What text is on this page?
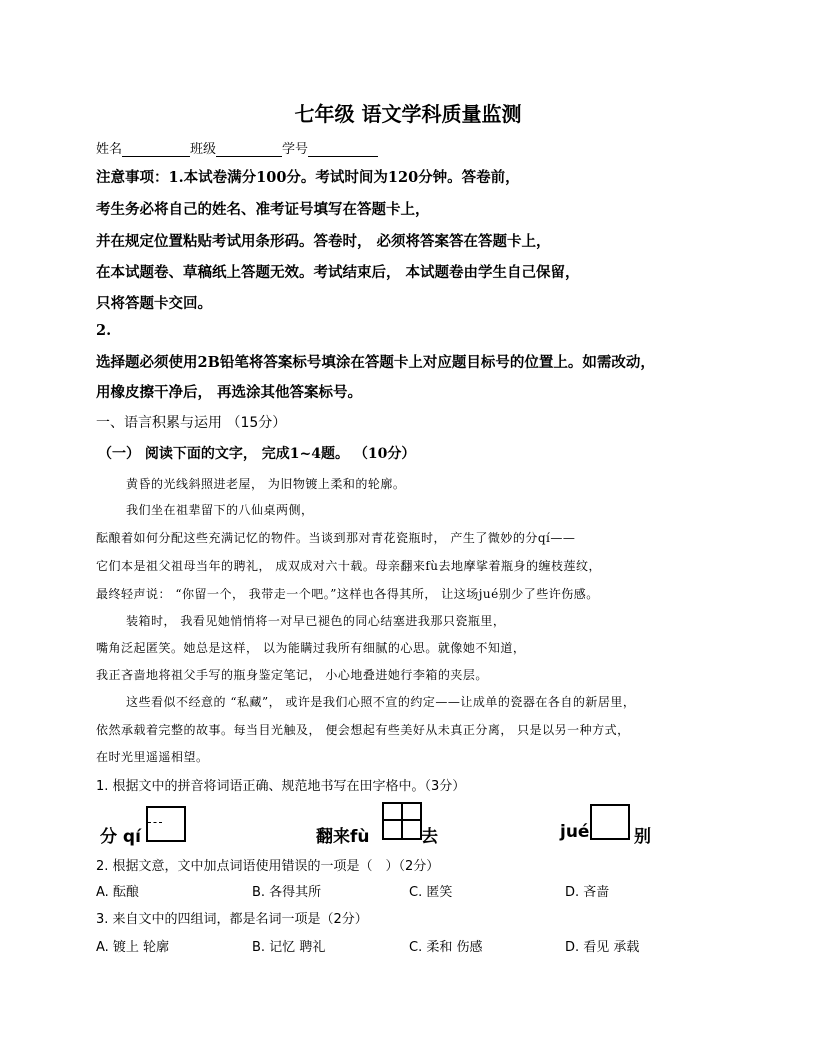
七年级 语文学科质量监测
姓名	班级	学号
注意事项：1.本试卷满分100分。考试时间为120分钟。答卷前，
考生务必将自己的姓名、准考证号填写在答题卡上，
并在规定位置粘贴考试用条形码。答卷时， 必须将答案答在答题卡上，
在本试题卷、草稿纸上答题无效。考试结束后， 本试题卷由学生自己保留，
只将答题卡交回。
2.
选择题必须使用2B铅笔将答案标号填涂在答题卡上对应题目标号的位置上。如需改动，
用橡皮擦干净后， 再选涂其他答案标号。
一、语言积累与运用 （15分）
（一） 阅读下面的文字， 完成1~4题。 （10分）
黄昏的光线斜照进老屋， 为旧物镀上柔和的轮廓。
我们坐在祖辈留下的八仙桌两侧，
酝酿着如何分配这些充满记忆的物件。当谈到那对青花瓷瓶时， 产生了微妙的分qí——
它们本是祖父祖母当年的聘礼， 成双成对六十载。母亲翻来fù去地摩挲着瓶身的缠枝莲纹，
最终轻声说： “你留一个， 我带走一个吧。”这样也各得其所， 让这场jué别少了些许伤感。
装箱时， 我看见她悄悄将一对早已褪色的同心结塞进我那只瓷瓶里，
嘴角泛起匿笑。她总是这样， 以为能瞒过我所有细腻的心思。就像她不知道，
我正吝啬地将祖父手写的瓶身鉴定笔记， 小心地叠进她行李箱的夹层。
这些看似不经意的 “私藏”， 或许是我们心照不宣的约定——让成单的瓷器在各自的新居里，
依然承载着完整的故事。每当目光触及， 便会想起有些美好从未真正分离， 只是以另一种方式，
在时光里遥遥相望。
1. 根据文中的拼音将词语正确、规范地书写在田字格中。（3分）
分 qí	翻来fù	去	jué	别
2. 根据文意，文中加点词语使用错误的一项是（　）（2分）
A. 酝酿	B. 各得其所	C. 匿笑	D. 吝啬
3. 来自文中的四组词，都是名词一项是（2分）
A. 镀上 轮廓	B. 记忆 聘礼	C. 柔和 伤感	D. 看见 承载
